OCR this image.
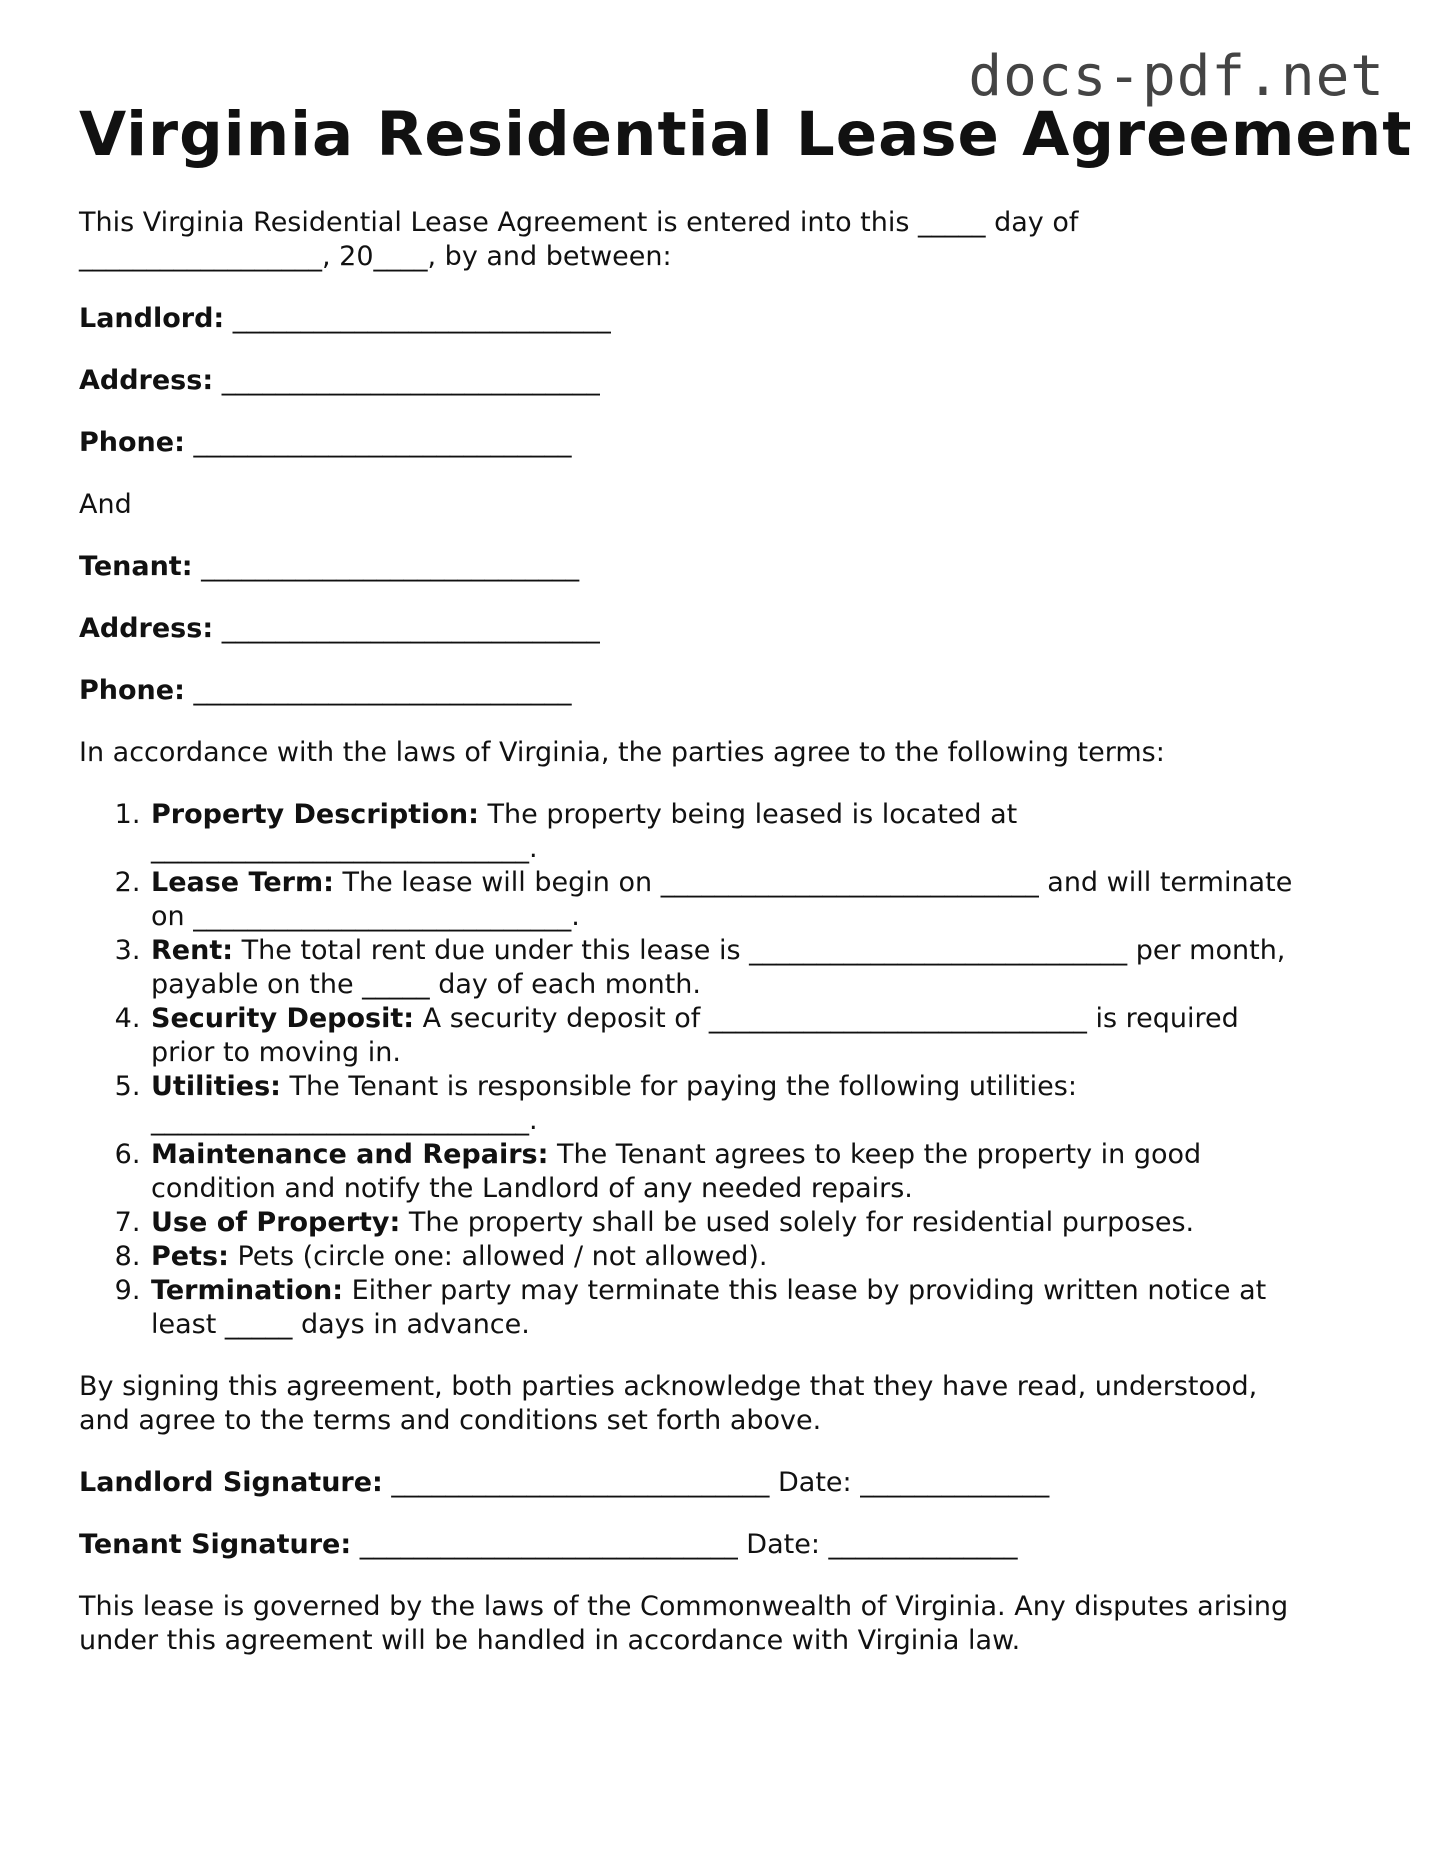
docs-pdf.net
Virginia Residential Lease Agreement
This Virginia Residential Lease Agreement is entered into this _____ day of
__________________, 20____, by and between:
Landlord: ____________________________
Address: ____________________________
Phone: ____________________________
And
Tenant: ____________________________
Address: ____________________________
Phone: ____________________________
In accordance with the laws of Virginia, the parties agree to the following terms:
1. Property Description: The property being leased is located at
____________________________.
2. Lease Term: The lease will begin on ____________________________ and will terminate
on ____________________________.
3. Rent: The total rent due under this lease is ____________________________ per month,
payable on the _____ day of each month.
4. Security Deposit: A security deposit of ____________________________ is required
prior to moving in.
5. Utilities: The Tenant is responsible for paying the following utilities:
____________________________.
6. Maintenance and Repairs: The Tenant agrees to keep the property in good
condition and notify the Landlord of any needed repairs.
7. Use of Property: The property shall be used solely for residential purposes.
8. Pets: Pets (circle one: allowed / not allowed).
9. Termination: Either party may terminate this lease by providing written notice at
least _____ days in advance.
By signing this agreement, both parties acknowledge that they have read, understood,
and agree to the terms and conditions set forth above.
Landlord Signature: ____________________________ Date: ______________
Tenant Signature: ____________________________ Date: ______________
This lease is governed by the laws of the Commonwealth of Virginia. Any disputes arising
under this agreement will be handled in accordance with Virginia law.
